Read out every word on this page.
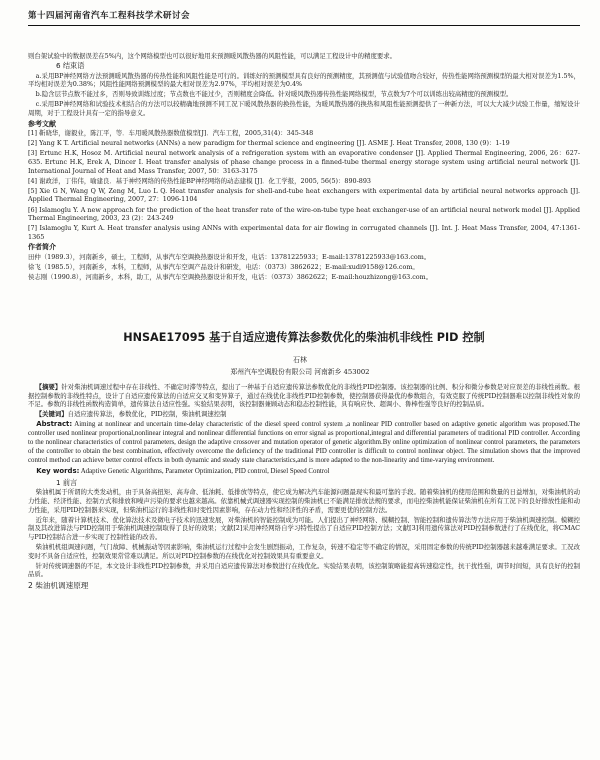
第十四届河南省汽车工程科技学术研讨会

则台架试验中的数据误差在5%内，这个网络模型也可以很好地用来预测暖风散热器的风阻性能，可以满足工程设计中的精度要求。

6 结束语

a.采用BP神经网络方法预测暖风散热器的传热性能和风阻性能是可行的。训练好的预测模型具有良好的预测精度，其预测值与试验值吻合较好，传热性能网络预测模型的最大相对误差为1.5%，平均相对误差为0.38%；风阻性能网络预测模型的最大相对误差为2.97%，平均相对误差为0.4%

b.隐含层节点数不能过多，否则导致训练过度；节点数也不能过少，否则精度会降低。针对暖风散热器传热性能网络模型，节点数为7个可以训练出较高精度的预测模型。

c.采用BP神经网络和试验技术相结合的方法可以较精确地预测不同工况下暖风散热器的换热性能，为暖风散热器的换热和风阻性能预测提供了一种新方法，可以大大减少试验工作量，缩短设计周期，对于工程设计具有一定的指导意义。

参考文献

[1] 靳晓华，谢毅业，陈江平，等．车用暖风散热器数值模型[J]．汽车工程，2005,31(4)：345-348

[2] Yang K T. Artificial neural networks (ANNs) a new paradigm for thermal science and engineering [J]. ASME J. Heat Transfer, 2008, 130 (9)：1-19

[3] Ertunc H.K, Hosoz M. Artificial neural network analysis of a refrigeration system with an evaporative condenser [J]. Applied Thermal Engineering, 2006, 26：627-635. Ertunc H.K, Erek A, Dincer I. Heat transfer analysis of phase change process in a finned-tube thermal energy storage system using artificial neural network [J]. International Journal of Heat and Mass Transfer, 2007, 50：3163-3175

[4] 谢政洋，丁伟伟，喻建良．基于神经网络的传热性能BP神经网络的动态建模 [J]．化工学报，2005, 56(5)：890-893

[5] Xie G N, Wang Q W, Zeng M, Luo L Q. Heat transfer analysis for shell-and-tube heat exchangers with experimental data by artificial neural networks approach [J]. Applied Thermal Engineering, 2007, 27：1096-1104

[6] Islamoglu Y. A new approach for the prediction of the heat transfer rate of the wire-on-tube type heat exchanger-use of an artificial neural network model [J]. Applied Thermal Engineering, 2003, 23 (2)：243-249

[7] Islamoglu Y, Kurt A. Heat transfer analysis using ANNs with experimental data for air flowing in corrugated channels [J]. Int. J. Heat Mass Transfer, 2004, 47:1361-1365

作者简介

田仲（1989.3），河南新乡，硕士，工程师，从事汽车空调换热器设计和开发，电话：13781225933；E-mail:13781225933@163.com。

徐飞（1985.5），河南新乡，本科，工程师，从事汽车空调产品设计和研发，电话：（0373）3862622；E-mail:xudi9158@126.com。

侯志刚（1990.8），河南新乡，本科，助工，从事汽车空调换热器设计和开发，电话：（0373）3862622；E-mail:houzhizong@163.com。

HNSAE17095 基于自适应遗传算法参数优化的柴油机非线性 PID 控制
石林
郑州汽车空调股份有限公司 河南新乡 453002

【摘要】针对柴油机调速过程中存在非线性、不确定时滞等特点，提出了一种基于自适应遗传算法参数优化的非线性PID控制器。该控制器的比例、积分和微分参数是对应误差的非线性函数。根据控制参数的非线性特点，设计了自适应遗传算法的自适应交叉和变异算子，通过在线优化非线性PID控制参数，使控制器获得最优的参数组合，有效克服了传统PID控制器难以控制非线性对象的不足。参数的非线性函数构造简单，遗传算法自适应性强。实验结果表明，该控制器兼顾动态和稳态控制性能，具有响应快、超调小、鲁棒性强等良好的控制品质。

【关键词】自适应遗传算法，参数优化，PID控制，柴油机调速控制

Abstract: Aiming at nonlinear and uncertain time-delay characteristic of the diesel speed control system ,a nonlinear PID controller based on adaptive genetic algorithm was proposed.The controller used nonlinear proportional,nonlinear integral and nonlinear differential functions on error signal as proportional,integral and differential parameters of traditional PID controller. According to the nonlinear characteristics of control parameters, design the adaptive crossover and mutation operator of genetic algorithm.By online optimization of nonlinear control parameters, the parameters of the controller to obtain the best combination, effectively overcome the deficiency of the traditional PID controller is difficult to control nonlinear object. The simulation shows that the improved control method can achieve better control effects in both dynamic and steady state characteristics,and is more adapted to the non-linearity and time-varying environment.

Key words: Adaptive Genetic Algorithms, Parameter Optimization, PID control, Diesel Speed Control

1 前言

柴油机属于所谓的大类发动机，由于具备高扭矩、高寿命、低油耗、低排放等特点，使它成为解决汽车能源问题最现实和最可靠的手段。随着柴油机的使用范围和数量的日益增加，对柴油机的动力性能、经济性能、控制方式和排放和噪声污染的要求也越来越高。依靠机械式调速器实现控制的柴油机已不能满足排放法规的要求，而电控柴油机能保证柴油机在所有工况下的良好排放性能和动力性能，采用PID控制器来实现，但柴油机运行的非线性和时变性因素影响，存在动力性和经济性的矛盾，需要更优的控制方法。

近年来，随着计算机技术、优化算法技术及微电子技术的迅速发展，对柴油机的智能控制成为可能。人们提出了神经网络、模糊控制、智能控制和遗传算法等方法应用于柴油机调速控制。模糊控制及其改进算法与PID控制用于柴油机调速控制取得了良好的效果；文献[2]采用神经网络自学习特性提出了自适应PID控制方法；文献[3]利用遗传算法对PID控制参数进行了在线优化，将CMAC与PID控制结合进一步实现了控制性能的改善。

柴油机机组调速问题，气门故障、机械振动等因素影响，柴油机运行过程中会发生剧烈振动，工作复杂，转速不稳定等不确定的情况，采用固定参数的传统PID控制器越来越难满足要求。工况改变时不具备自适应性，控制效果常常难以满足。所以对PID控制参数的在线优化对控制效果具有重要意义。

针对传统调速器的不足，本文设计非线性PID控制参数，并采用自适应遗传算法对参数进行在线优化。实验结果表明，该控制策略能提高转速稳定性，抗干扰性强，调节时间短，具有良好的控制品质。

2 柴油机调速原理
